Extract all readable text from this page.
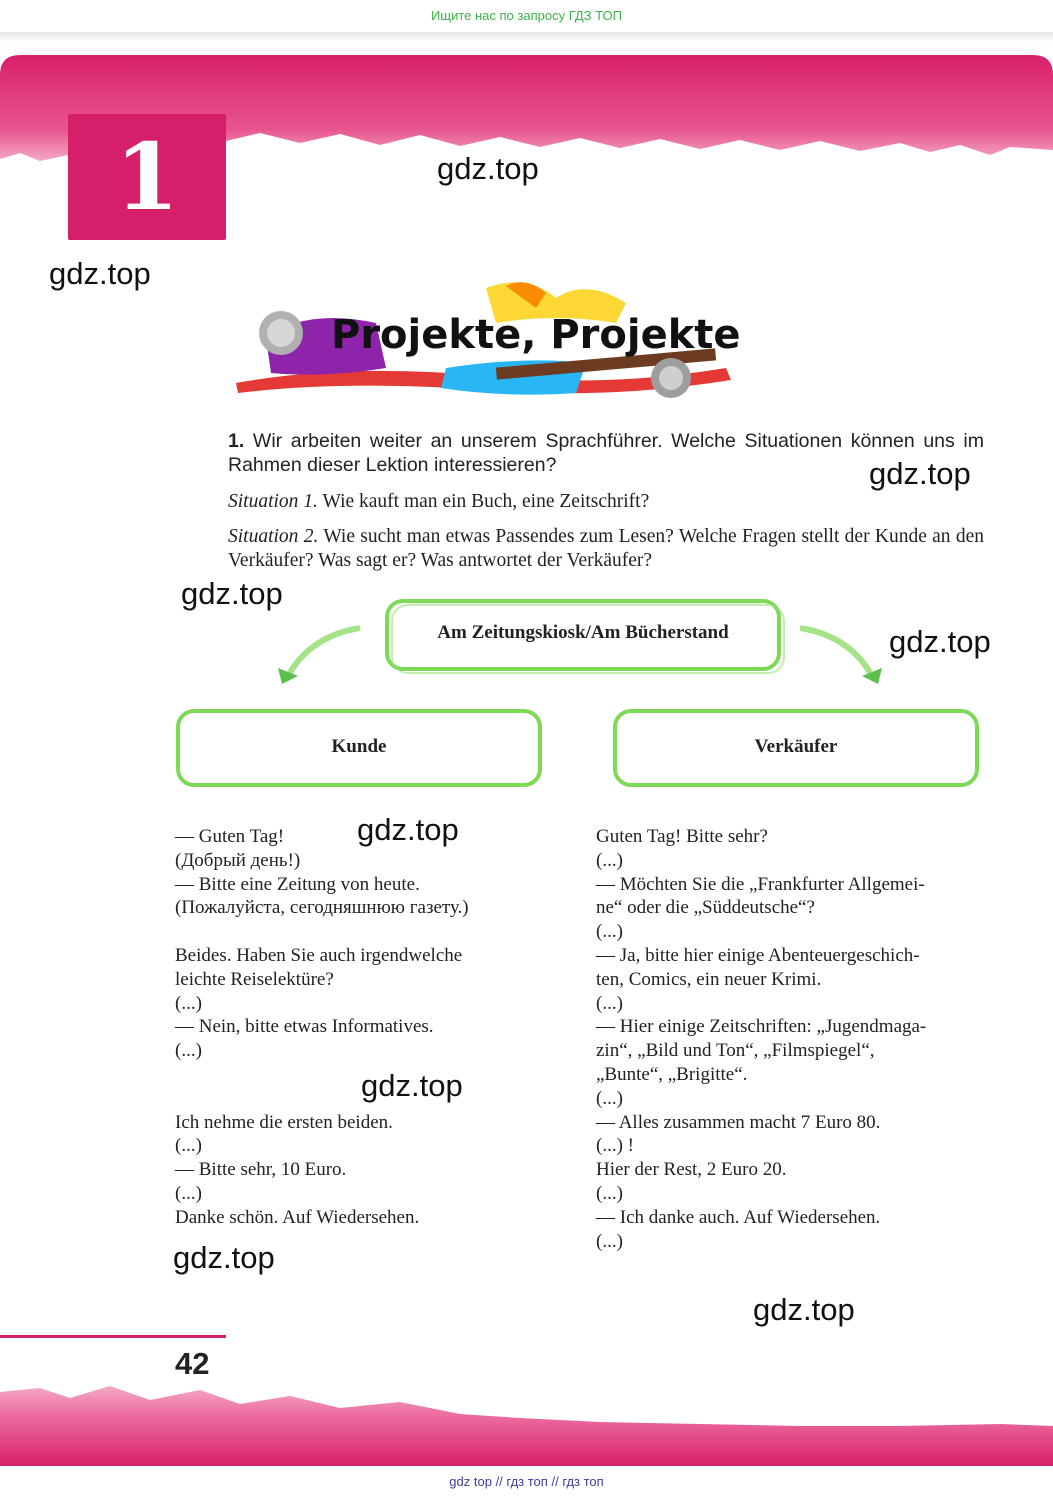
Ищите нас по запросу ГДЗ ТОП
1
Projekte, Projekte
gdz.top
gdz.top
gdz.top
gdz.top
gdz.top
gdz.top
gdz.top
gdz.top
gdz.top
1. Wir arbeiten weiter an unserem Sprachführer. Welche Situationen können uns im Rahmen dieser Lektion interessieren?
Situation 1. Wie kauft man ein Buch, eine Zeitschrift?
Situation 2. Wie sucht man etwas Passendes zum Lesen? Welche Fragen stellt der Kunde an den Verkäufer? Was sagt er? Was antwortet der Verkäufer?
Am Zeitungskiosk/Am Bücherstand
Kunde	Verkäufer
— Guten Tag!
(Добрый день!)
— Bitte eine Zeitung von heute.
(Пожалуйста, сегодняшнюю газету.)

Beides. Haben Sie auch irgendwelche
leichte Reiselektüre?
(...)
— Nein, bitte etwas Informatives.
(...)

Ich nehme die ersten beiden.
(...)
— Bitte sehr, 10 Euro.
(...)
Danke schön. Auf Wiedersehen.
Guten Tag! Bitte sehr?
(...)
— Möchten Sie die „Frankfurter Allgemei-
ne“ oder die „Süddeutsche“?
(...)
— Ja, bitte hier einige Abenteuergeschich-
ten, Comics, ein neuer Krimi.
(...)
— Hier einige Zeitschriften: „Jugendmaga-
zin“, „Bild und Ton“, „Filmspiegel“,
„Bunte“, „Brigitte“.
(...)
— Alles zusammen macht 7 Euro 80.
(...) !
Hier der Rest, 2 Euro 20.
(...)
— Ich danke auch. Auf Wiedersehen.
(...)
42
gdz top // гдз топ // гдз топ
